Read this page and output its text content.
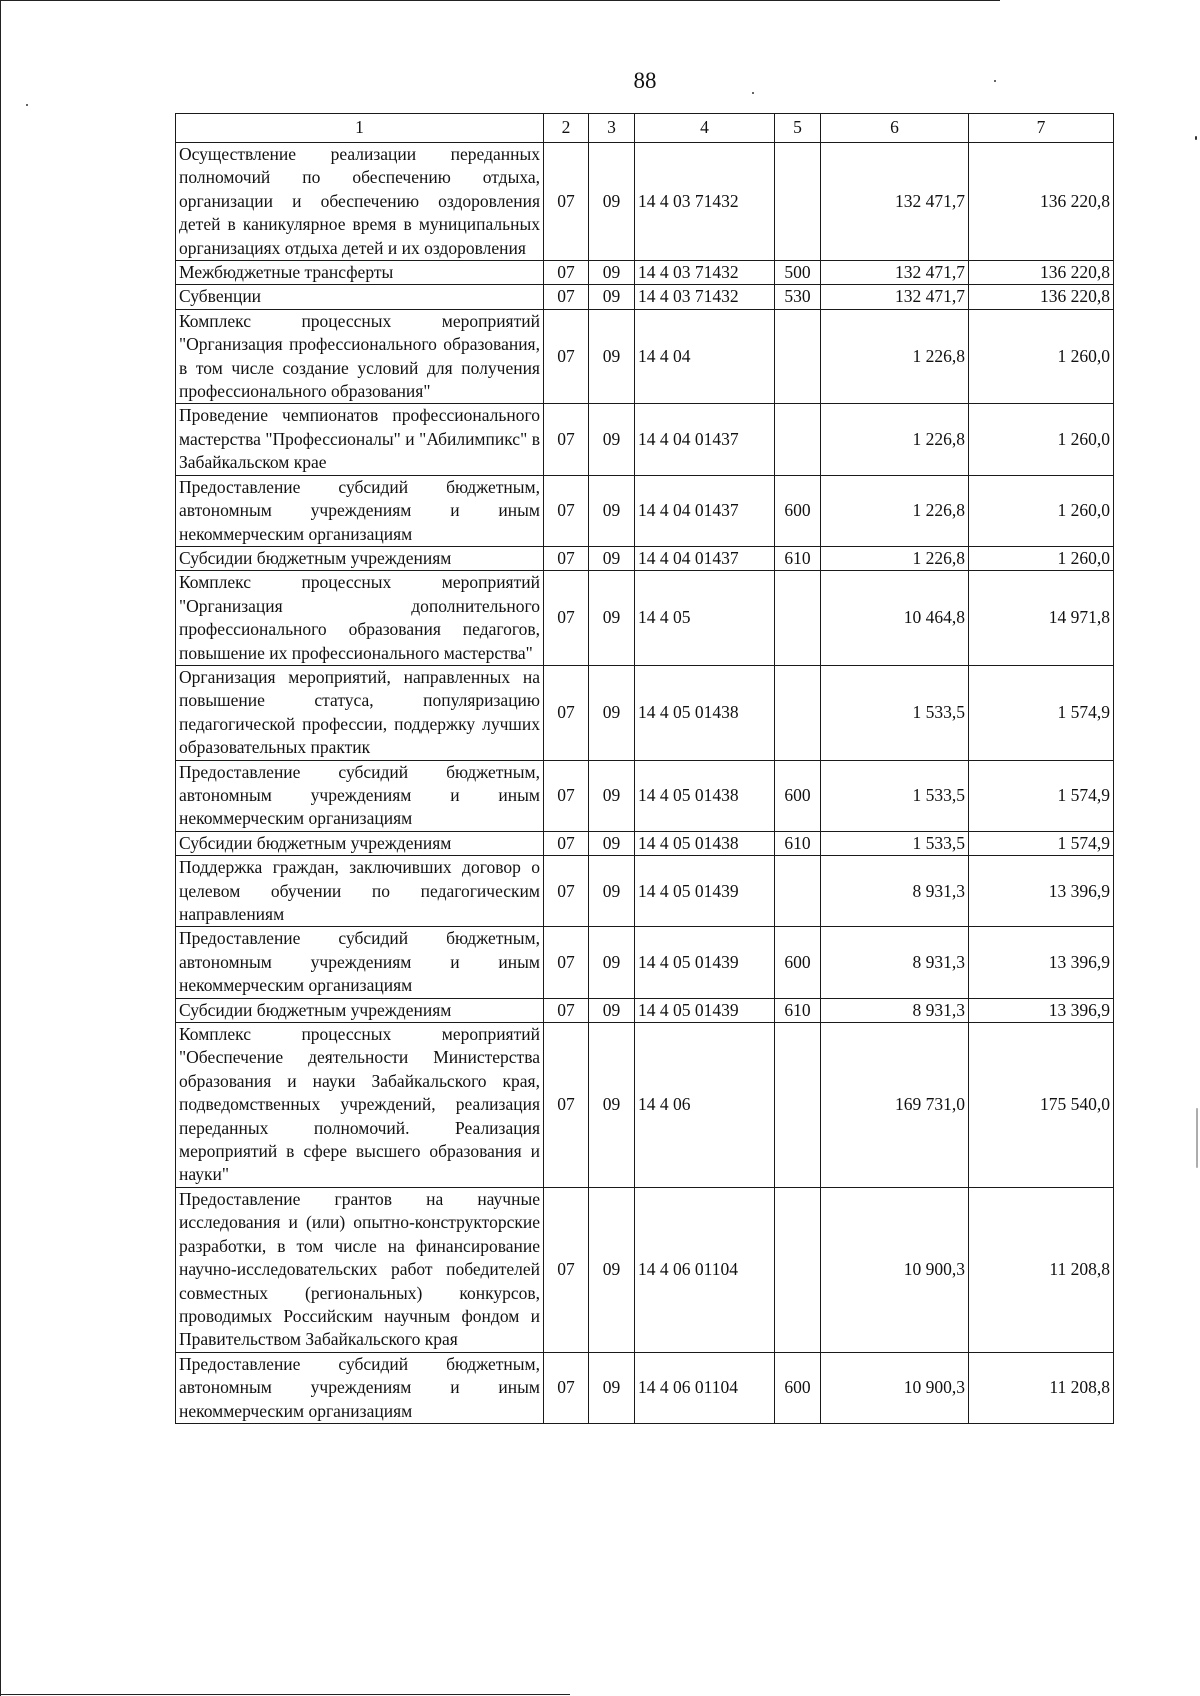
88
1	2	3	4	5	6	7
Осуществление реализации переданных полномочий по обеспечению отдыха, организации и обеспечению оздоровления детей в каникулярное время в муниципальных организациях отдыха детей и их оздоровления	07	09	14 4 03 71432		132 471,7	136 220,8
Межбюджетные трансферты	07	09	14 4 03 71432	500	132 471,7	136 220,8
Субвенции	07	09	14 4 03 71432	530	132 471,7	136 220,8
Комплекс процессных мероприятий "Организация профессионального образования, в том числе создание условий для получения профессионального образования"	07	09	14 4 04		1 226,8	1 260,0
Проведение чемпионатов профессионального мастерства "Профессионалы" и "Абилимпикс" в Забайкальском крае	07	09	14 4 04 01437		1 226,8	1 260,0
Предоставление субсидий бюджетным, автономным учреждениям и иным некоммерческим организациям	07	09	14 4 04 01437	600	1 226,8	1 260,0
Субсидии бюджетным учреждениям	07	09	14 4 04 01437	610	1 226,8	1 260,0
Комплекс процессных мероприятий "Организация дополнительного профессионального образования педагогов, повышение их профессионального мастерства"	07	09	14 4 05		10 464,8	14 971,8
Организация мероприятий, направленных на повышение статуса, популяризацию педагогической профессии, поддержку лучших образовательных практик	07	09	14 4 05 01438		1 533,5	1 574,9
Предоставление субсидий бюджетным, автономным учреждениям и иным некоммерческим организациям	07	09	14 4 05 01438	600	1 533,5	1 574,9
Субсидии бюджетным учреждениям	07	09	14 4 05 01438	610	1 533,5	1 574,9
Поддержка граждан, заключивших договор о целевом обучении по педагогическим направлениям	07	09	14 4 05 01439		8 931,3	13 396,9
Предоставление субсидий бюджетным, автономным учреждениям и иным некоммерческим организациям	07	09	14 4 05 01439	600	8 931,3	13 396,9
Субсидии бюджетным учреждениям	07	09	14 4 05 01439	610	8 931,3	13 396,9
Комплекс процессных мероприятий "Обеспечение деятельности Министерства образования и науки Забайкальского края, подведомственных учреждений, реализация переданных полномочий. Реализация мероприятий в сфере высшего образования и науки"	07	09	14 4 06		169 731,0	175 540,0
Предоставление грантов на научные исследования и (или) опытно-конструкторские разработки, в том числе на финансирование научно-исследовательских работ победителей совместных (региональных) конкурсов, проводимых Российским научным фондом и Правительством Забайкальского края	07	09	14 4 06 01104		10 900,3	11 208,8
Предоставление субсидий бюджетным, автономным учреждениям и иным некоммерческим организациям	07	09	14 4 06 01104	600	10 900,3	11 208,8
